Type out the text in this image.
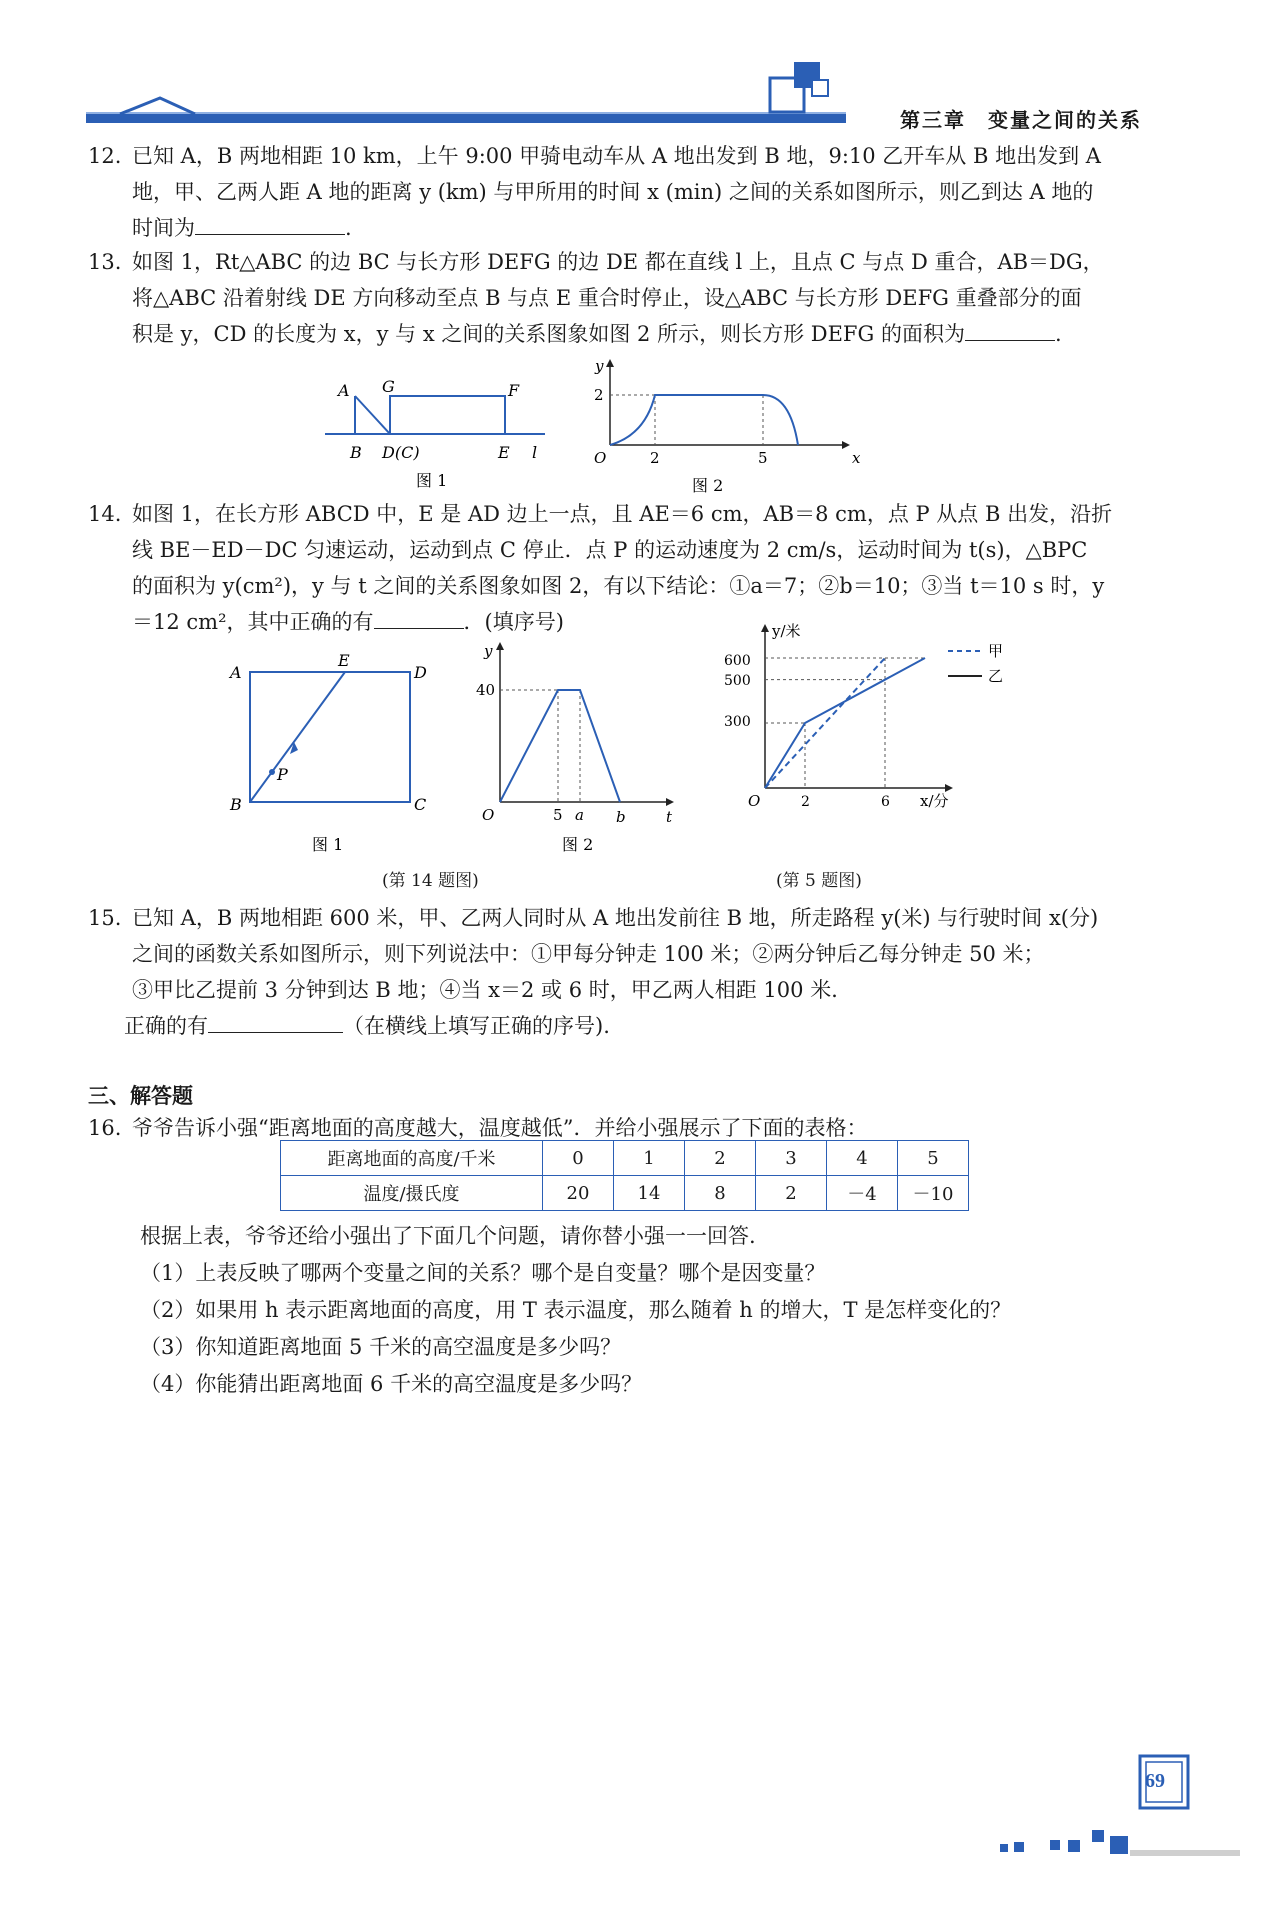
第三章　变量之间的关系
12. 已知 A，B 两地相距 10 km，上午 9:00 甲骑电动车从 A 地出发到 B 地，9:10 乙开车从 B 地出发到 A
地，甲、乙两人距 A 地的距离 y (km) 与甲所用的时间 x (min) 之间的关系如图所示，则乙到达 A 地的
时间为	.
13. 如图 1，Rt△ABC 的边 BC 与长方形 DEFG 的边 DE 都在直线 l 上，且点 C 与点 D 重合，AB＝DG，
将△ABC 沿着射线 DE 方向移动至点 B 与点 E 重合时停止，设△ABC 与长方形 DEFG 重叠部分的面
积是 y，CD 的长度为 x，y 与 x 之间的关系图象如图 2 所示，则长方形 DEFG 的面积为	.
A G	F
B D(C)	E l
图 1
y
x
O
2
2	5
图 2
14. 如图 1，在长方形 ABCD 中，E 是 AD 边上一点，且 AE＝6 cm，AB＝8 cm，点 P 从点 B 出发，沿折
线 BE－ED－DC 匀速运动，运动到点 C 停止．点 P 的运动速度为 2 cm/s，运动时间为 t(s)，△BPC
的面积为 y(cm²)，y 与 t 之间的关系图象如图 2，有以下结论：①a＝7；②b＝10；③当 t＝10 s 时，y
＝12 cm²，其中正确的有	．(填序号)
A
E
D
B	C
P
图 1
y
t
O
40
5 a b
图 2
y/米
x/分
O
600
500
300
2	6
甲
乙
(第 14 题图)	(第 5 题图)
15. 已知 A，B 两地相距 600 米，甲、乙两人同时从 A 地出发前往 B 地，所走路程 y(米) 与行驶时间 x(分)
之间的函数关系如图所示，则下列说法中：①甲每分钟走 100 米；②两分钟后乙每分钟走 50 米；
③甲比乙提前 3 分钟到达 B 地；④当 x＝2 或 6 时，甲乙两人相距 100 米．
正确的有	（在横线上填写正确的序号).
三、解答题
16. 爷爷告诉小强“距离地面的高度越大，温度越低”．并给小强展示了下面的表格：
距离地面的高度/千米	0	1	2	3	4	5
温度/摄氏度	20	14	8	2	－4	－10
根据上表，爷爷还给小强出了下面几个问题，请你替小强一一回答.
（1）上表反映了哪两个变量之间的关系？哪个是自变量？哪个是因变量？
（2）如果用 h 表示距离地面的高度，用 T 表示温度，那么随着 h 的增大，T 是怎样变化的？
（3）你知道距离地面 5 千米的高空温度是多少吗？
（4）你能猜出距离地面 6 千米的高空温度是多少吗？
69
